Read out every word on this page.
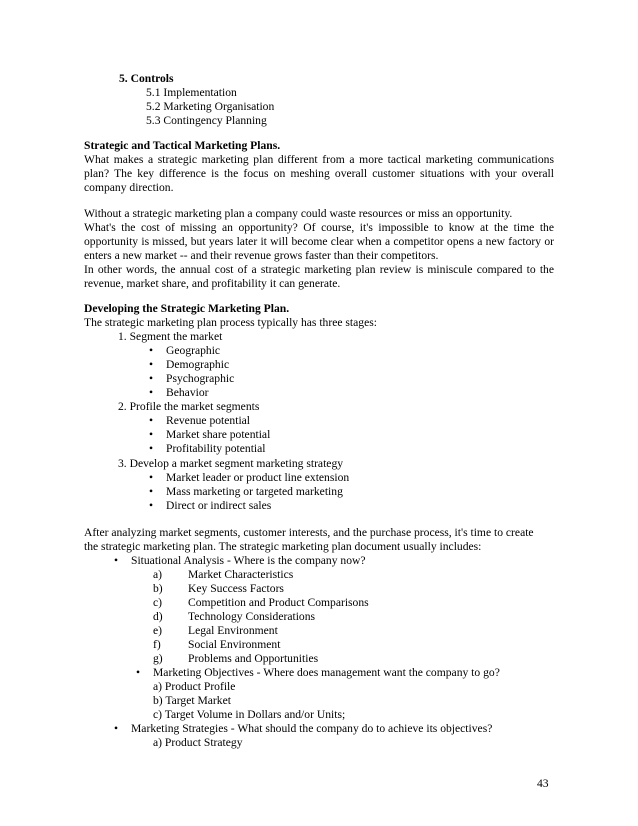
5. Controls
5.1 Implementation
5.2 Marketing Organisation
5.3 Contingency Planning
Strategic and Tactical Marketing Plans.
What makes a strategic marketing plan different from a more tactical marketing communications
plan? The key difference is the focus on meshing overall customer situations with your overall
company direction.
Without a strategic marketing plan a company could waste resources or miss an opportunity.
What's the cost of missing an opportunity? Of course, it's impossible to know at the time the
opportunity is missed, but years later it will become clear when a competitor opens a new factory or
enters a new market -- and their revenue grows faster than their competitors.
In other words, the annual cost of a strategic marketing plan review is miniscule compared to the
revenue, market share, and profitability it can generate.
Developing the Strategic Marketing Plan.
The strategic marketing plan process typically has three stages:
1. Segment the market
• Geographic
• Demographic
• Psychographic
• Behavior
2. Profile the market segments
• Revenue potential
• Market share potential
• Profitability potential
3. Develop a market segment marketing strategy
• Market leader or product line extension
• Mass marketing or targeted marketing
• Direct or indirect sales
After analyzing market segments, customer interests, and the purchase process, it's time to create
the strategic marketing plan. The strategic marketing plan document usually includes:
• Situational Analysis - Where is the company now?
a) Market Characteristics
b) Key Success Factors
c) Competition and Product Comparisons
d) Technology Considerations
e) Legal Environment
f) Social Environment
g) Problems and Opportunities
• Marketing Objectives - Where does management want the company to go?
a) Product Profile
b) Target Market
c) Target Volume in Dollars and/or Units;
• Marketing Strategies - What should the company do to achieve its objectives?
a) Product Strategy
43
